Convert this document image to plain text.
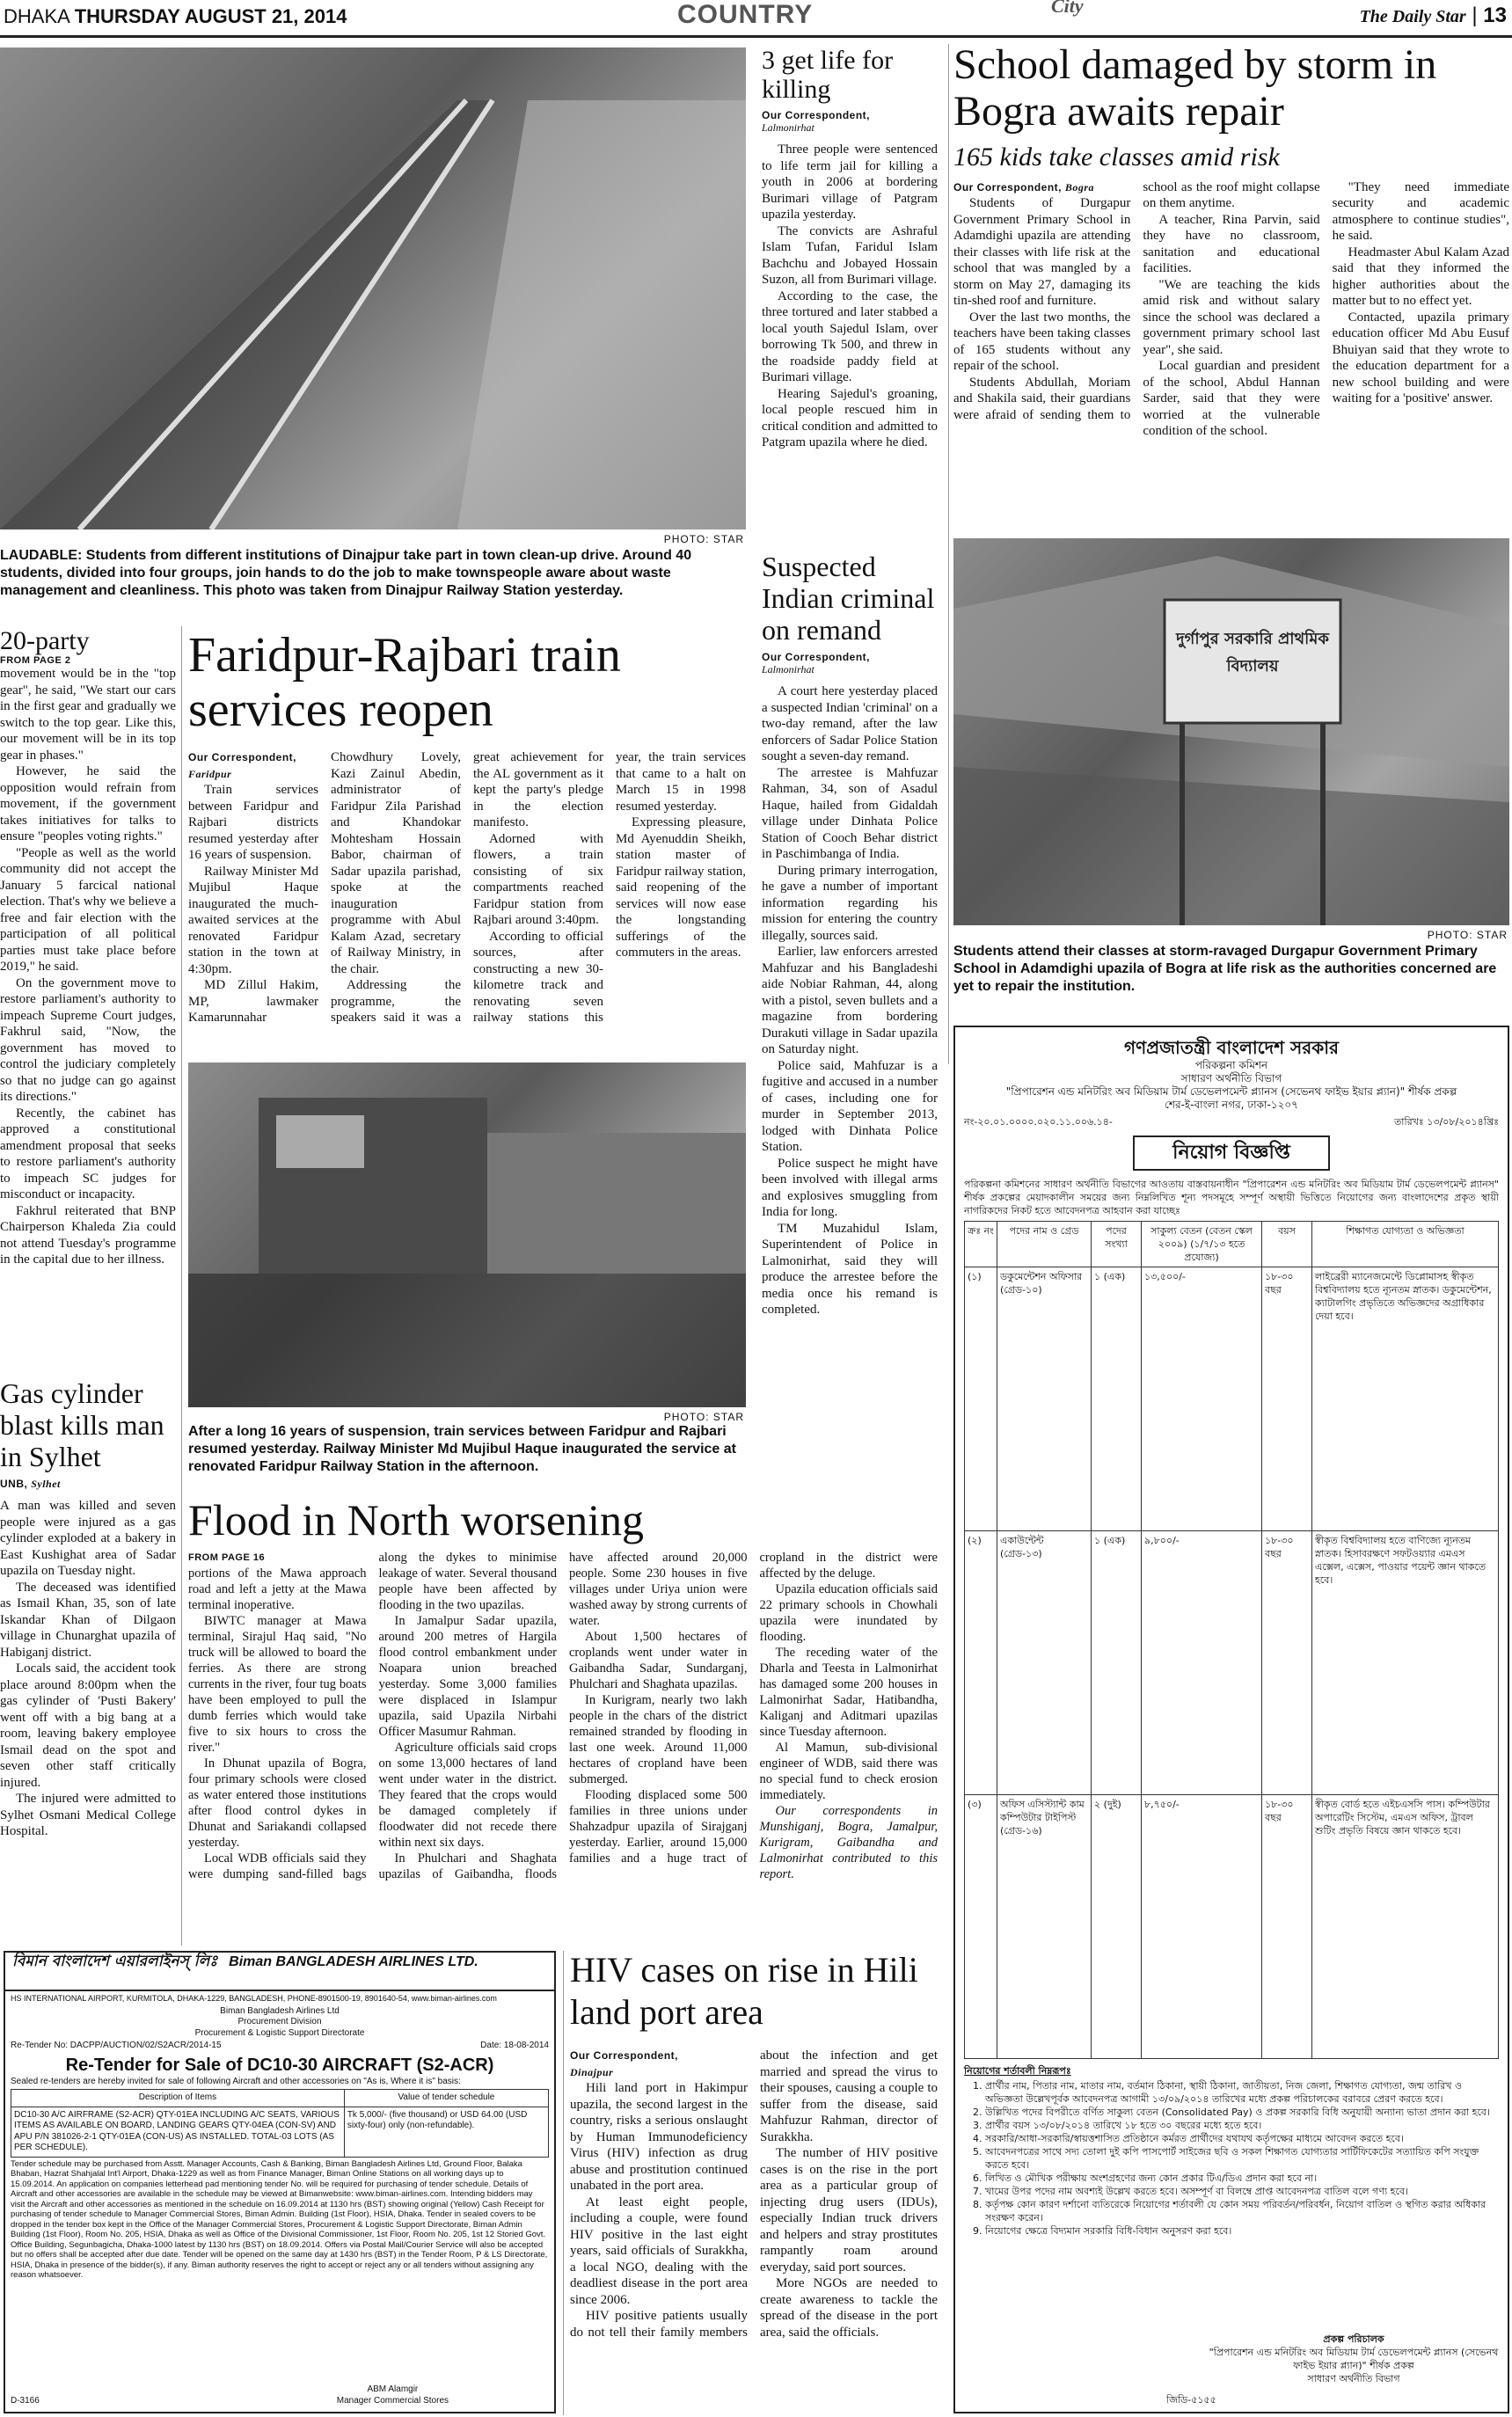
DHAKA THURSDAY AUGUST 21, 2014	COUNTRY	City	The Daily Star | 13
PHOTO: STAR
LAUDABLE: Students from different institutions of Dinajpur take part in town clean-up drive. Around 40 students, divided into four groups, join hands to do the job to make townspeople aware about waste management and cleanliness. This photo was taken from Dinajpur Railway Station yesterday.
3 get life for killing
Our Correspondent,
Lalmonirhat

Three people were sentenced to life term jail for killing a youth in 2006 at bordering Burimari village of Patgram upazila yesterday.

The convicts are Ashraful Islam Tufan, Faridul Islam Bachchu and Jobayed Hossain Suzon, all from Burimari village.

According to the case, the three tortured and later stabbed a local youth Sajedul Islam, over borrowing Tk 500, and threw in the roadside paddy field at Burimari village.

Hearing Sajedul's groaning, local people rescued him in critical condition and admitted to Patgram upazila where he died.

School damaged by storm in Bogra awaits repair
165 kids take classes amid risk
Our Correspondent, Bogra

Students of Durgapur Government Primary School in Adamdighi upazila are attending their classes with life risk at the school that was mangled by a storm on May 27, damaging its tin-shed roof and furniture.

Over the last two months, the teachers have been taking classes of 165 students without any repair of the school.

Students Abdullah, Moriam and Shakila said, their guardians were afraid of sending them to school as the roof might collapse on them anytime.

A teacher, Rina Parvin, said they have no classroom, sanitation and educational facilities.

"We are teaching the kids amid risk and without salary since the school was declared a government primary school last year", she said.

Local guardian and president of the school, Abdul Hannan Sarder, said that they were worried at the vulnerable condition of the school.

"They need immediate security and academic atmosphere to continue studies", he said.

Headmaster Abul Kalam Azad said that they informed the higher authorities about the matter but to no effect yet.

Contacted, upazila primary education officer Md Abu Eusuf Bhuiyan said that they wrote to the education department for a new school building and were waiting for a 'positive' answer.

দুর্গাপুর সরকারি প্রাথমিক বিদ্যালয়
PHOTO: STAR
Students attend their classes at storm-ravaged Durgapur Government Primary School in Adamdighi upazila of Bogra at life risk as the authorities concerned are yet to repair the institution.
20-party
FROM PAGE 2

movement would be in the "top gear", he said, "We start our cars in the first gear and gradually we switch to the top gear. Like this, our movement will be in its top gear in phases."

However, he said the opposition would refrain from movement, if the government takes initiatives for talks to ensure "peoples voting rights."

"People as well as the world community did not accept the January 5 farcical national election. That's why we believe a free and fair election with the participation of all political parties must take place before 2019," he said.

On the government move to restore parliament's authority to impeach Supreme Court judges, Fakhrul said, "Now, the government has moved to control the judiciary completely so that no judge can go against its directions."

Recently, the cabinet has approved a constitutional amendment proposal that seeks to restore parliament's authority to impeach SC judges for misconduct or incapacity.

Fakhrul reiterated that BNP Chairperson Khaleda Zia could not attend Tuesday's programme in the capital due to her illness.

Faridpur-Rajbari train services reopen
Our Correspondent,
Faridpur

Train services between Faridpur and Rajbari districts resumed yesterday after 16 years of suspension.

Railway Minister Md Mujibul Haque inaugurated the much-awaited services at the renovated Faridpur station in the town at 4:30pm.

MD Zillul Hakim, MP, lawmaker Kamarunnahar Chowdhury Lovely, Kazi Zainul Abedin, administrator of Faridpur Zila Parishad and Khandokar Mohtesham Hossain Babor, chairman of Sadar upazila parishad, spoke at the inauguration programme with Abul Kalam Azad, secretary of Railway Ministry, in the chair.

Addressing the programme, the speakers said it was a great achievement for the AL government as it kept the party's pledge in the election manifesto.

Adorned with flowers, a train consisting of six compartments reached Faridpur station from Rajbari around 3:40pm.

According to official sources, after constructing a new 30-kilometre track and renovating seven railway stations this year, the train services that came to a halt on March 15 in 1998 resumed yesterday.

Expressing pleasure, Md Ayenuddin Sheikh, station master of Faridpur railway station, said reopening of the services will now ease the longstanding sufferings of the commuters in the areas.

PHOTO: STAR
After a long 16 years of suspension, train services between Faridpur and Rajbari resumed yesterday. Railway Minister Md Mujibul Haque inaugurated the service at renovated Faridpur Railway Station in the afternoon.
Suspected Indian criminal on remand
Our Correspondent,
Lalmonirhat

A court here yesterday placed a suspected Indian 'criminal' on a two-day remand, after the law enforcers of Sadar Police Station sought a seven-day remand.

The arrestee is Mahfuzar Rahman, 34, son of Asadul Haque, hailed from Gidaldah village under Dinhata Police Station of Cooch Behar district in Paschimbanga of India.

During primary interrogation, he gave a number of important information regarding his mission for entering the country illegally, sources said.

Earlier, law enforcers arrested Mahfuzar and his Bangladeshi aide Nobiar Rahman, 44, along with a pistol, seven bullets and a magazine from bordering Durakuti village in Sadar upazila on Saturday night.

Police said, Mahfuzar is a fugitive and accused in a number of cases, including one for murder in September 2013, lodged with Dinhata Police Station.

Police suspect he might have been involved with illegal arms and explosives smuggling from India for long.

TM Muzahidul Islam, Superintendent of Police in Lalmonirhat, said they will produce the arrestee before the media once his remand is completed.

Gas cylinder blast kills man in Sylhet
UNB, Sylhet

A man was killed and seven people were injured as a gas cylinder exploded at a bakery in East Kushighat area of Sadar upazila on Tuesday night.

The deceased was identified as Ismail Khan, 35, son of late Iskandar Khan of Dilgaon village in Chunarghat upazila of Habiganj district.

Locals said, the accident took place around 8:00pm when the gas cylinder of 'Pusti Bakery' went off with a big bang at a room, leaving bakery employee Ismail dead on the spot and seven other staff critically injured.

The injured were admitted to Sylhet Osmani Medical College Hospital.

Flood in North worsening
FROM PAGE 16

portions of the Mawa approach road and left a jetty at the Mawa terminal inoperative.

BIWTC manager at Mawa terminal, Sirajul Haq said, "No truck will be allowed to board the ferries. As there are strong currents in the river, four tug boats have been employed to pull the dumb ferries which would take five to six hours to cross the river."

In Dhunat upazila of Bogra, four primary schools were closed as water entered those institutions after flood control dykes in Dhunat and Sariakandi collapsed yesterday.

Local WDB officials said they were dumping sand-filled bags along the dykes to minimise leakage of water. Several thousand people have been affected by flooding in the two upazilas.

In Jamalpur Sadar upazila, around 200 metres of Hargila flood control embankment under Noapara union breached yesterday. Some 3,000 families were displaced in Islampur upazila, said Upazila Nirbahi Officer Masumur Rahman.

Agriculture officials said crops on some 13,000 hectares of land went under water in the district. They feared that the crops would be damaged completely if floodwater did not recede there within next six days.

In Phulchari and Shaghata upazilas of Gaibandha, floods have affected around 20,000 people. Some 230 houses in five villages under Uriya union were washed away by strong currents of water.

About 1,500 hectares of croplands went under water in Gaibandha Sadar, Sundarganj, Phulchari and Shaghata upazilas.

In Kurigram, nearly two lakh people in the chars of the district remained stranded by flooding in last one week. Around 11,000 hectares of cropland have been submerged.

Flooding displaced some 500 families in three unions under Shahzadpur upazila of Sirajganj yesterday. Earlier, around 15,000 families and a huge tract of cropland in the district were affected by the deluge.

Upazila education officials said 22 primary schools in Chowhali upazila were inundated by flooding.

The receding water of the Dharla and Teesta in Lalmonirhat has damaged some 200 houses in Lalmonirhat Sadar, Hatibandha, Kaliganj and Aditmari upazilas since Tuesday afternoon.

Al Mamun, sub-divisional engineer of WDB, said there was no special fund to check erosion immediately.

Our correspondents in Munshiganj, Bogra, Jamalpur, Kurigram, Gaibandha and Lalmonirhat contributed to this report.

বিমান বাংলাদেশ এয়ারলাইনস্ লিঃ Biman BANGLADESH AIRLINES LTD.
HS INTERNATIONAL AIRPORT, KURMITOLA, DHAKA-1229, BANGLADESH, PHONE-8901500-19, 8901640-54, www.biman-airlines.com
Biman Bangladesh Airlines Ltd
Procurement Division
Procurement & Logistic Support Directorate
Re-Tender No: DACPP/AUCTION/02/S2ACR/2014-15	Date: 18-08-2014
Re-Tender for Sale of DC10-30 AIRCRAFT (S2-ACR)
Sealed re-tenders are hereby invited for sale of following Aircraft and other accessories on "As is, Where it is" basis:
Description of Items	Value of tender schedule
DC10-30 A/C AIRFRAME (S2-ACR) QTY-01EA INCLUDING A/C SEATS, VARIOUS ITEMS AS AVAILABLE ON BOARD, LANDING GEARS QTY-04EA (CON-SV) AND APU P/N 381026-2-1 QTY-01EA (CON-US) AS INSTALLED. TOTAL-03 LOTS (AS PER SCHEDULE).	Tk 5,000/- (five thousand) or USD 64.00 (USD sixty-four) only (non-refundable).
Tender schedule may be purchased from Asstt. Manager Accounts, Cash & Banking, Biman Bangladesh Airlines Ltd, Ground Floor, Balaka Bhaban, Hazrat Shahjalal Int'l Airport, Dhaka-1229 as well as from Finance Manager, Biman Online Stations on all working days up to 15.09.2014. An application on companies letterhead pad mentioning tender No. will be required for purchasing of tender schedule. Details of Aircraft and other accessories are available in the schedule may be viewed at Bimanwebsite: www.biman-airlines.com. Intending bidders may visit the Aircraft and other accessories as mentioned in the schedule on 16.09.2014 at 1130 hrs (BST) showing original (Yellow) Cash Receipt for purchasing of tender schedule to Manager Commercial Stores, Biman Admin. Building (1st Floor), HSIA, Dhaka. Tender in sealed covers to be dropped in the tender box kept in the Office of the Manager Commercial Stores, Procurement & Logistic Support Directorate, Biman Admin Building (1st Floor), Room No. 205, HSIA, Dhaka as well as Office of the Divisional Commissioner, 1st Floor, Room No. 205, 1st 12 Storied Govt. Office Building, Segunbagicha, Dhaka-1000 latest by 1130 hrs (BST) on 18.09.2014. Offers via Postal Mail/Courier Service will also be accepted but no offers shall be accepted after due date. Tender will be opened on the same day at 1430 hrs (BST) in the Tender Room, P & LS Directorate, HSIA, Dhaka in presence of the bidder(s), if any. Biman authority reserves the right to accept or reject any or all tenders without assigning any reason whatsoever.
ABM Alamgir
Manager Commercial Stores
D-3166
HIV cases on rise in Hili land port area
Our Correspondent,
Dinajpur

Hili land port in Hakimpur upazila, the second largest in the country, risks a serious onslaught by Human Immunodeficiency Virus (HIV) infection as drug abuse and prostitution continued unabated in the port area.

At least eight people, including a couple, were found HIV positive in the last eight years, said officials of Surakkha, a local NGO, dealing with the deadliest disease in the port area since 2006.

HIV positive patients usually do not tell their family members about the infection and get married and spread the virus to their spouses, causing a couple to suffer from the disease, said Mahfuzur Rahman, director of Surakkha.

The number of HIV positive cases is on the rise in the port area as a particular group of injecting drug users (IDUs), especially Indian truck drivers and helpers and stray prostitutes rampantly roam around everyday, said port sources.

More NGOs are needed to create awareness to tackle the spread of the disease in the port area, said the officials.

গণপ্রজাতন্ত্রী বাংলাদেশ সরকার
পরিকল্পনা কমিশন
সাধারণ অর্থনীতি বিভাগ
"প্রিপারেশন এন্ড মনিটরিং অব মিডিয়াম টার্ম ডেভেলপমেন্ট প্ল্যানস (সেভেনথ ফাইভ ইয়ার প্ল্যান)" শীর্ষক প্রকল্প
শের-ই-বাংলা নগর, ঢাকা-১২০৭
নং-২০.০১.০০০০.০২০.১১.০০৬.১৪-	তারিখঃ ১৩/০৮/২০১৪খ্রিঃ
নিয়োগ বিজ্ঞপ্তি
পরিকল্পনা কমিশনের সাধারণ অর্থনীতি বিভাগের আওতায় বাস্তবায়নাধীন "প্রিপারেশন এন্ড মনিটরিং অব মিডিয়াম টার্ম ডেভেলপমেন্ট প্ল্যানস" শীর্ষক প্রকল্পের মেয়াদকালীন সময়ের জন্য নিম্নলিখিত শূন্য পদসমূহে সম্পূর্ণ অস্থায়ী ভিত্তিতে নিয়োগের জন্য বাংলাদেশের প্রকৃত স্থায়ী নাগরিকদের নিকট হতে আবেদনপত্র আহবান করা যাচ্ছেঃ
ক্রঃ নং	পদের নাম ও গ্রেড	পদের সংখ্যা	সাকুল্য বেতন (বেতন স্কেল ২০০৯) (১/৭/১৩ হতে প্রযোজ্য)	বয়স	শিক্ষাগত যোগ্যতা ও অভিজ্ঞতা
(১)	ডকুমেন্টেশন অফিসার (গ্রেড-১০)	১ (এক)	১৩,৫০০/-	১৮-৩০ বছর	লাইব্রেরী ম্যানেজমেন্টে ডিপ্লোমাসহ স্বীকৃত বিশ্ববিদ্যালয় হতে ন্যূনতম স্নাতক। ডকুমেন্টেশন, ক্যাটালগিং প্রভৃতিতে অভিজ্ঞদের অগ্রাধিকার দেয়া হবে।
(২)	একাউন্টেন্ট (গ্রেড-১৩)	১ (এক)	৯,৮০০/-	১৮-৩০ বছর	স্বীকৃত বিশ্ববিদ্যালয় হতে বাণিজ্যে ন্যূনতম স্নাতক। হিসাবরক্ষণে সফটওয়্যার এমএস এক্সেল, এক্সেস, পাওয়ার পয়েন্ট জ্ঞান থাকতে হবে।
(৩)	অফিস এসিস্ট্যান্ট কাম কম্পিউটার টাইপিস্ট (গ্রেড-১৬)	২ (দুই)	৮,৭৫০/-	১৮-৩০ বছর	স্বীকৃত বোর্ড হতে এইচএসসি পাস। কম্পিউটার অপারেটিং সিস্টেম, এমএস অফিস, ট্রাবল শুটিং প্রভৃতি বিষয়ে জ্ঞান থাকতে হবে।
নিয়োগের শর্তাবলী নিম্নরূপঃ
1. প্রার্থীর নাম, পিতার নাম, মাতার নাম, বর্তমান ঠিকানা, স্থায়ী ঠিকানা, জাতীয়তা, নিজ জেলা, শিক্ষাগত যোগ্যতা, জন্ম তারিখ ও অভিজ্ঞতা উল্লেখপূর্বক আবেদনপত্র আগামী ১৩/০৯/২০১৪ তারিখের মধ্যে প্রকল্প পরিচালকের বরাবরে প্রেরণ করতে হবে।
2. উল্লিখিত পদের বিপরীতে বর্ণিত সাকুল্য বেতন (Consolidated Pay) ও প্রকল্প সরকারি বিধি অনুযায়ী অন্যান্য ভাতা প্রদান করা হবে।
3. প্রার্থীর বয়স ১৩/০৮/২০১৪ তারিখে ১৮ হতে ৩০ বছরের মধ্যে হতে হবে।
4. সরকারি/আধা-সরকারি/স্বায়ত্তশাসিত প্রতিষ্ঠানে কর্মরত প্রার্থীদের যথাযথ কর্তৃপক্ষের মাধ্যমে আবেদন করতে হবে।
5. আবেদনপত্রের সাথে সদ্য তোলা দুই কপি পাসপোর্ট সাইজের ছবি ও সকল শিক্ষাগত যোগ্যতার সার্টিফিকেটের সত্যায়িত কপি সংযুক্ত করতে হবে।
6. লিখিত ও মৌখিক পরীক্ষায় অংশগ্রহণের জন্য কোন প্রকার টিএ/ডিএ প্রদান করা হবে না।
7. খামের উপর পদের নাম অবশ্যই উল্লেখ করতে হবে। অসম্পূর্ণ বা বিলম্বে প্রাপ্ত আবেদনপত্র বাতিল বলে গণ্য হবে।
8. কর্তৃপক্ষ কোন কারণ দর্শানো ব্যতিরেকে নিয়োগের শর্তাবলী যে কোন সময় পরিবর্তন/পরিবর্ধন, নিয়োগ বাতিল ও স্থগিত করার অধিকার সংরক্ষণ করেন।
9. নিয়োগের ক্ষেত্রে বিদ্যমান সরকারি বিধি-বিধান অনুসরণ করা হবে।
প্রকল্প পরিচালক
"প্রিপারেশন এন্ড মনিটরিং অব মিডিয়াম টার্ম ডেভেলপমেন্ট প্ল্যানস (সেভেনথ ফাইভ ইয়ার প্ল্যান)" শীর্ষক প্রকল্প
সাধারণ অর্থনীতি বিভাগ
জিডি-৫১৫৫
